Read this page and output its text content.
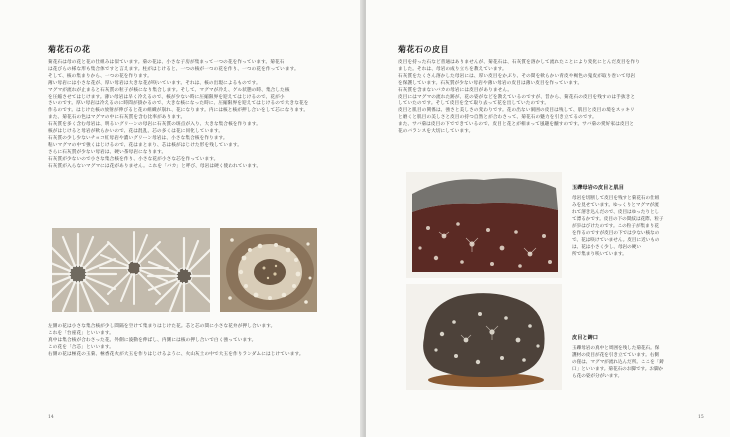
菊花石の花
菊花石は母の花と花の仕組みは似ています。菊の花は、小さな子房が集まって一つの花を作っています。菊花石
は花びらの様な形も集合体ですと言えます。柱がはじけると、一つの核が一つの花を作り、一つの花を作っています。
そして、核の集まりから、一つの花を作ります。
薄い母岩には小さな花が、厚い母岩は大きな花が咲いています。それは、核の出現によるものです。
マグマが流れが止まると石灰質の粒子が核になり集合します。そして、マグマが冷え、ゲル状態の時、集合した核
を圧縮させてはじけます。薄い母岩は早く冷えるので、核が少ない時に圧縮限界を迎えてはじけるので、花が小
さいのです。厚い母岩は冷えるのに時間が掛かるので、大きな核になった時に、圧縮限界を迎えてはじけるので大きな花を
作るのです。はじけた核の放射が伸びると花の組織が崩れ、花になります。内には核と核が押し合いをして芯になります。
また、菊花石の色はマグマの中に石灰質を含む比率があります。
石灰質を多く含む母岩は、明るいグリーンの母岩に石灰質の斑点が入り、大きな集合核を作ります。
核がはじけると母岩が軟らかいので、花は混乱、芯の多くは花に同化しています。
石灰質の少し少ないチョコ紅母岩や濃いグリーン母岩は、小さな集合核を作ります。
粘いマグマの中で強くはじけるので、花はまとまり、芯は核がはじけた形を残しています。
さらに石灰質が少ない母岩は、硬い茶母岩になります。
石灰質が少ないので小さな集合核を作り、小さな花が小さな芯を作っています。
石灰質が入らないマグマには花がありません。これを「バカ」と呼び、母岩は硬く使われています。
左側の花は小さな集合核が少し間隔を空けて集まりはじけた花。芯と芯の間に小さな花弁が押し合います。
これを「台座花」といいます。
真中は集合核が合わさった花、外側に波動を伸ばし、内側には核の押し合いで白く強っています。
この花を「合芯」といいます。
右側の花は極花の玉菊、極香花火が大玉を作りはじけるように、火山灰土の中で大玉を作りランダムにはじけています。
14
菊花石の皮目
皮目を持った石など普通はありませんが、菊花石は、石灰質を溶かして流れたことにより変化にとんだ皮目を作り
ました。それは、母岩の成り立ちを教えています。
石灰質をたくさん溶かした母岩には、厚い皮目をかぶり、その間を軟らかい青皮や褐色の鬼皮が取り巻いて母岩
を保護しています。石灰質が少ない母岩や薄い母岩の皮目は薄い皮目を作っています。
石灰質を含まないバカの母岩には皮目がありません。
皮目にはマグマの流れた跡が、花の姿がなどを教えているのですが、昔から、菊花石の皮目を残すのは手抜きと
していたのです。そして皮目を全て取り去って花を出していたのです。
皮目と肌目の関係は、強さと美しさの変わりです。花の出ない洞囲の皮目は残して、肌目と皮目の境をスッキリ
と磨くと肌目の美しさと皮目の持つ自然とが合わさって、菊花石の魅力を引き立てるのです。
また、サバ菊は皮目の下でできているので、皮目と花とが相まって風趣を醸すのです。サバ菊の愛好家は皮目と
花のバランスを大切にしています。
玉礫母岩の皮目と肌目
母岩を切断して皮目を残すと菊花石の仕組
みを見せています。ゆっくりとマグマが流
れて溶き込んだので、皮目はゆったりとし
て漂るかです。皮目の下の間紋は花際、粒子
が歩はびけたのです。この粒子が集まり花
を作るのですが皮目の下では少ない核なの
で、花は咲けていません。皮目に近いもの
は、花は小さく少し、母岩の硬い
所で集まり咲いています。
皮目と鋳口
玉礫母岩の真中と周囲を残した菊花石。保
護材の皮目が花を引き立てています。右側
の窪は、マグマが流れ込んだ所。ここを「鋳
口」といいます。菊花石のお脚です。お脚か
ら花の姿が分がいます。
15
